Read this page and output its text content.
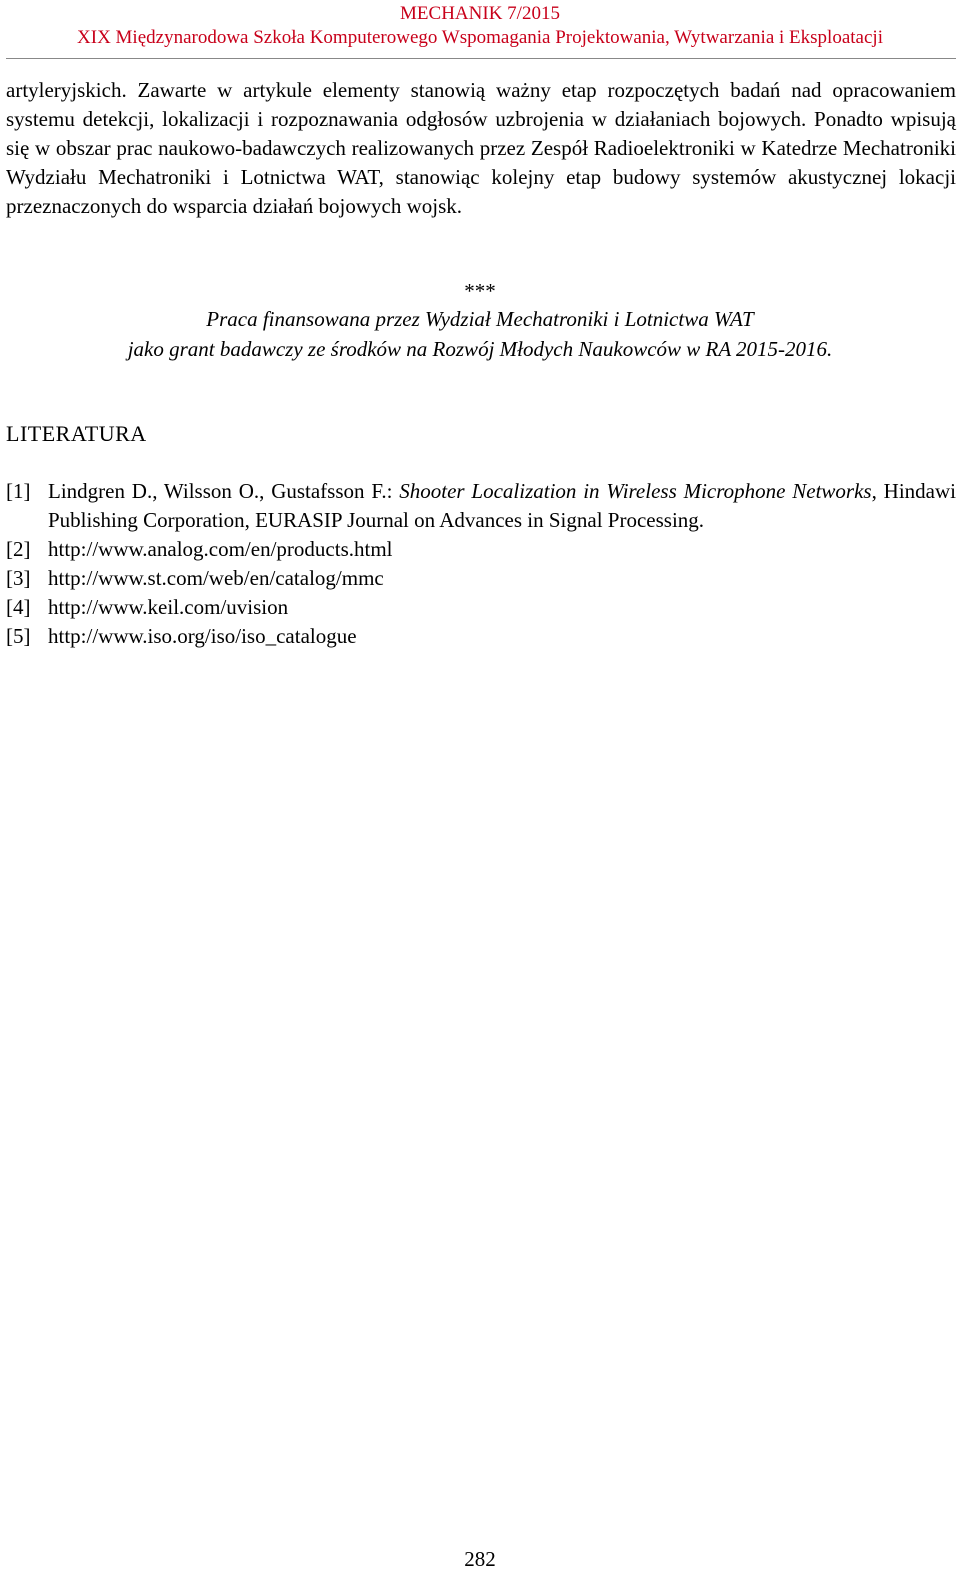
MECHANIK 7/2015
XIX Międzynarodowa Szkoła Komputerowego Wspomagania Projektowania, Wytwarzania i Eksploatacji
artyleryjskich. Zawarte w artykule elementy stanowią ważny etap rozpoczętych badań nad opracowaniem systemu detekcji, lokalizacji i rozpoznawania odgłosów uzbrojenia w działaniach bojowych. Ponadto wpisują się w obszar prac naukowo-badawczych realizowanych przez Zespół Radioelektroniki w Katedrze Mechatroniki Wydziału Mechatroniki i Lotnictwa WAT, stanowiąc kolejny etap budowy systemów akustycznej lokacji przeznaczonych do wsparcia działań bojowych wojsk.
***
Praca finansowana przez Wydział Mechatroniki i Lotnictwa WAT
jako grant badawczy ze środków na Rozwój Młodych Naukowców w RA 2015-2016.
LITERATURA
[1] Lindgren D., Wilsson O., Gustafsson F.: Shooter Localization in Wireless Microphone Networks, Hindawi Publishing Corporation, EURASIP Journal on Advances in Signal Processing.
[2] http://www.analog.com/en/products.html
[3] http://www.st.com/web/en/catalog/mmc
[4] http://www.keil.com/uvision
[5] http://www.iso.org/iso/iso_catalogue
282
